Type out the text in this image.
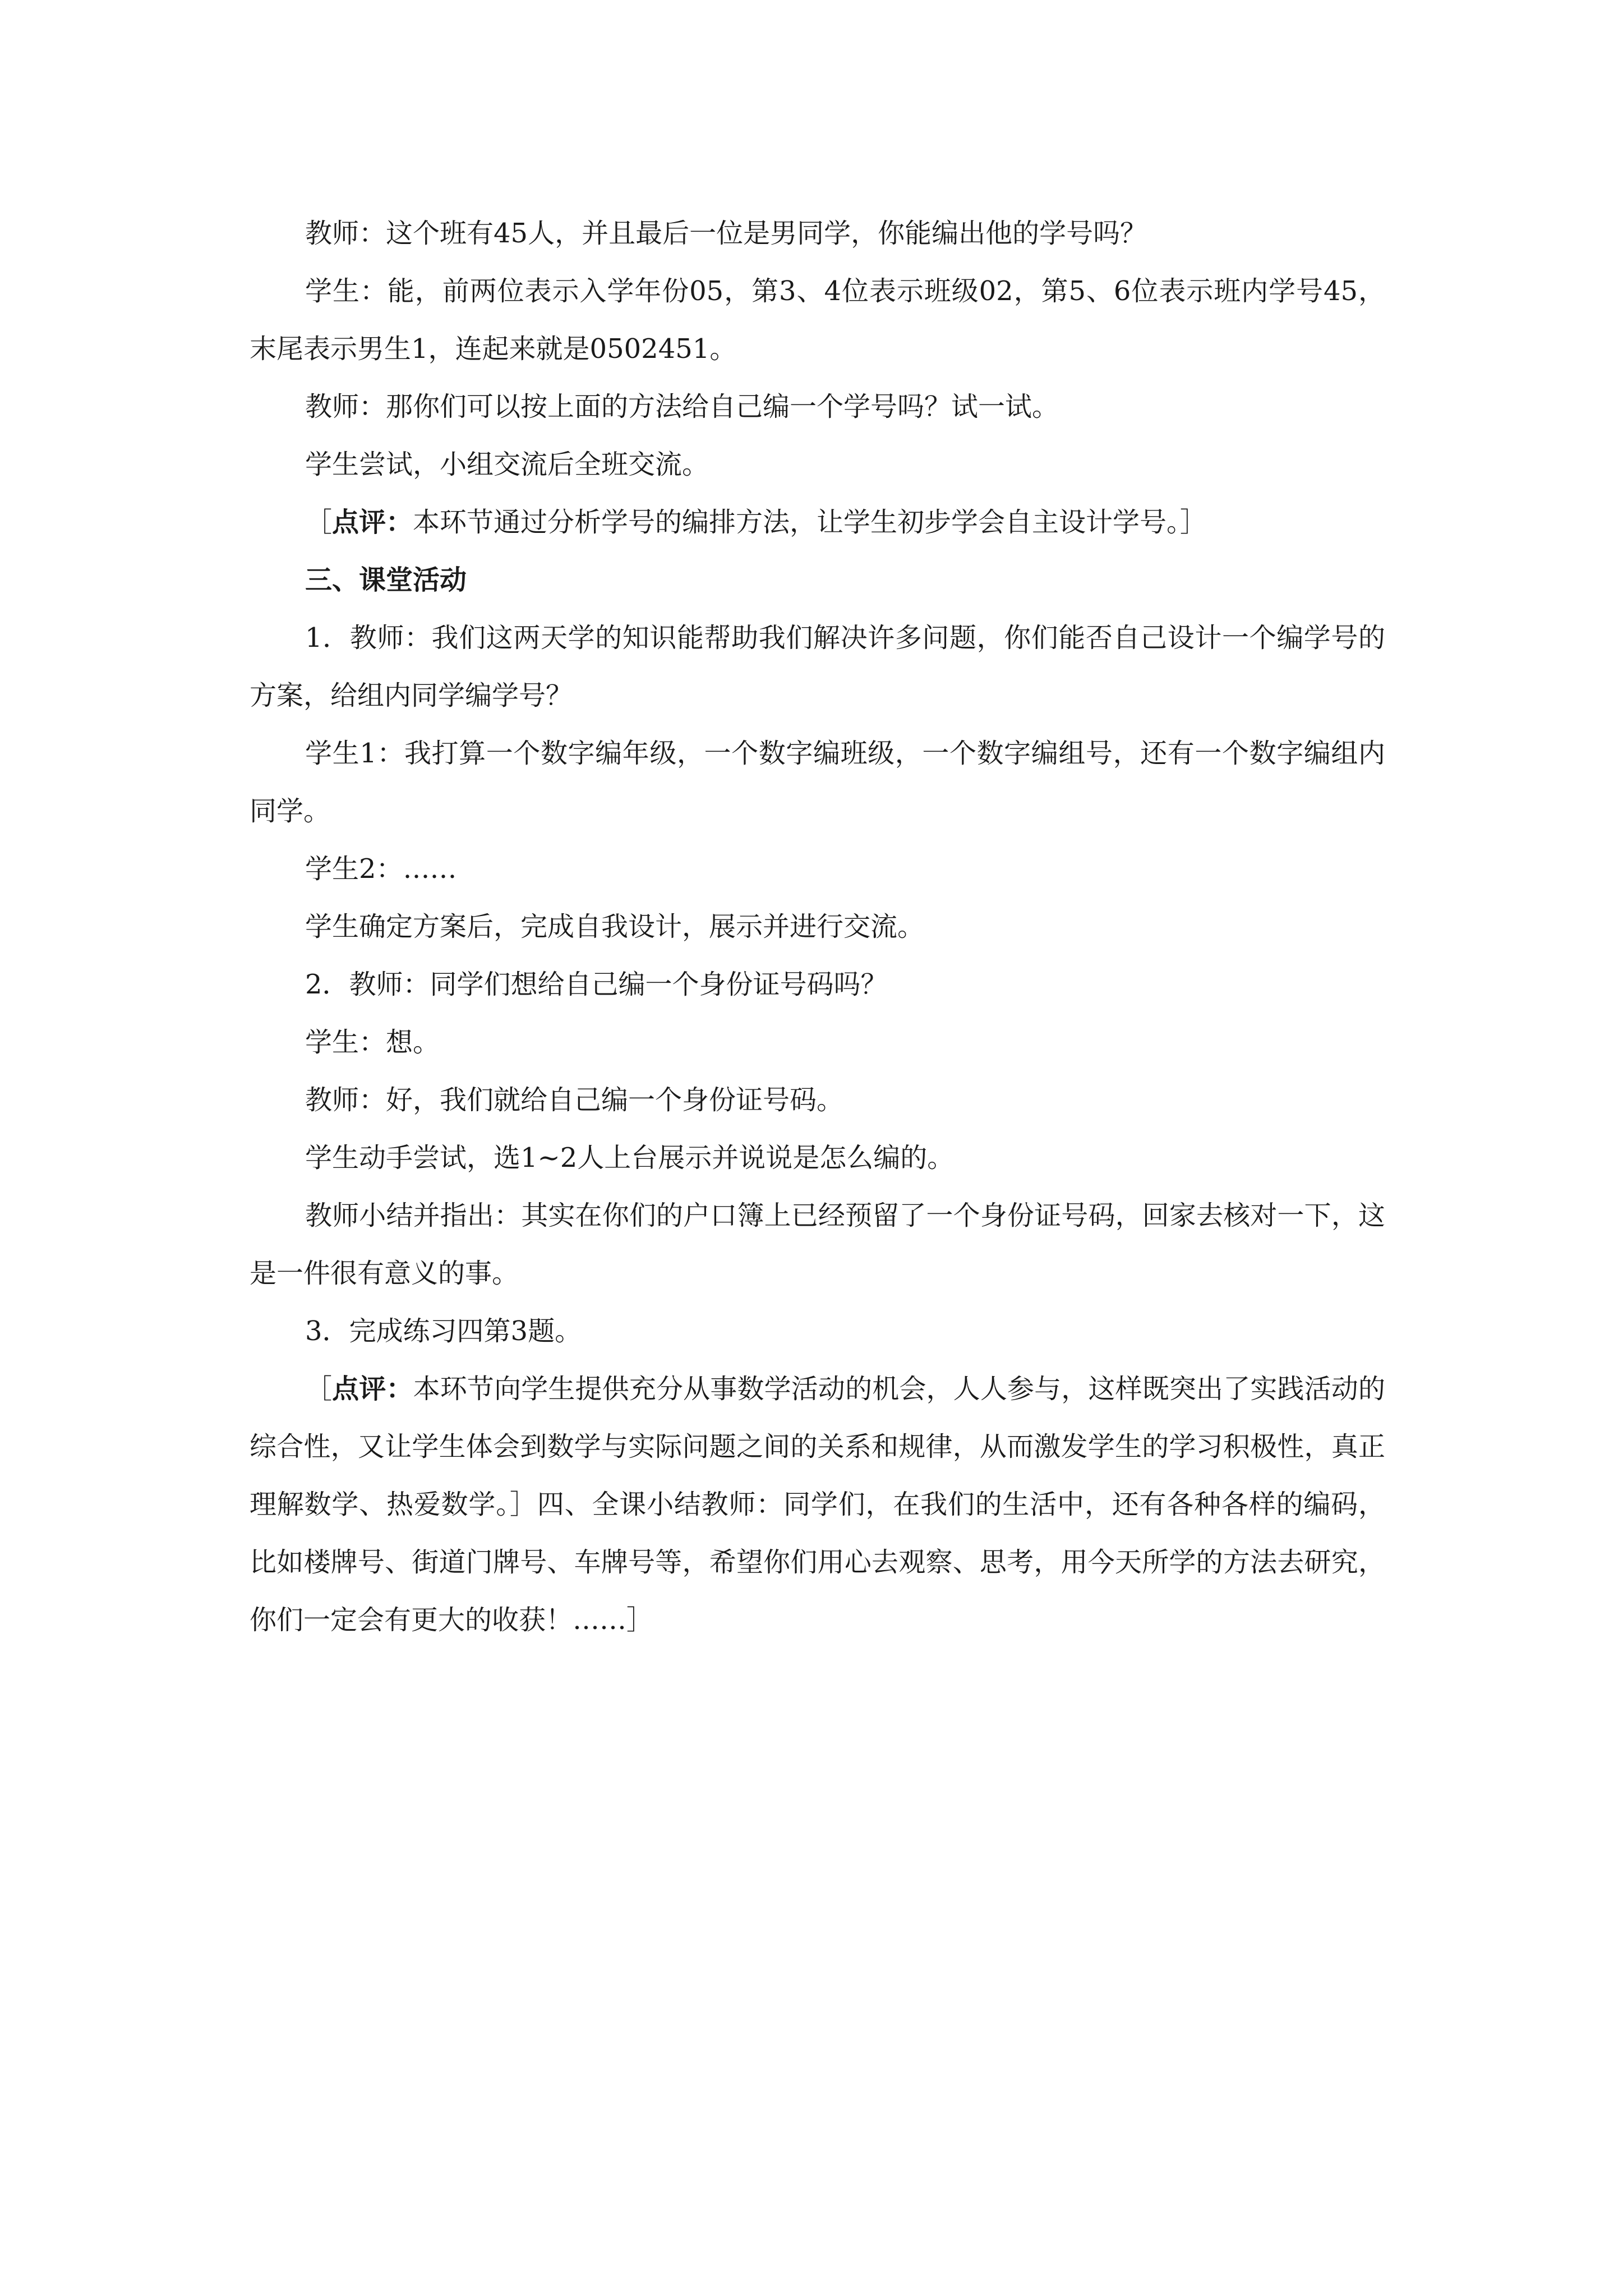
教师：这个班有45人，并且最后一位是男同学，你能编出他的学号吗？

学生：能，前两位表示入学年份05，第3、4位表示班级02，第5、6位表示班内学号45，末尾表示男生1，连起来就是0502451。

教师：那你们可以按上面的方法给自己编一个学号吗？试一试。

学生尝试，小组交流后全班交流。

［点评：本环节通过分析学号的编排方法，让学生初步学会自主设计学号。］

三、课堂活动

1．教师：我们这两天学的知识能帮助我们解决许多问题，你们能否自己设计一个编学号的方案，给组内同学编学号？

学生1：我打算一个数字编年级，一个数字编班级，一个数字编组号，还有一个数字编组内同学。

学生2：……

学生确定方案后，完成自我设计，展示并进行交流。

2．教师：同学们想给自己编一个身份证号码吗？

学生：想。

教师：好，我们就给自己编一个身份证号码。

学生动手尝试，选1~2人上台展示并说说是怎么编的。

教师小结并指出：其实在你们的户口簿上已经预留了一个身份证号码，回家去核对一下，这是一件很有意义的事。

3．完成练习四第3题。

［点评：本环节向学生提供充分从事数学活动的机会，人人参与，这样既突出了实践活动的综合性，又让学生体会到数学与实际问题之间的关系和规律，从而激发学生的学习积极性，真正理解数学、热爱数学。］四、全课小结教师：同学们，在我们的生活中，还有各种各样的编码，比如楼牌号、街道门牌号、车牌号等，希望你们用心去观察、思考，用今天所学的方法去研究，你们一定会有更大的收获！……］
